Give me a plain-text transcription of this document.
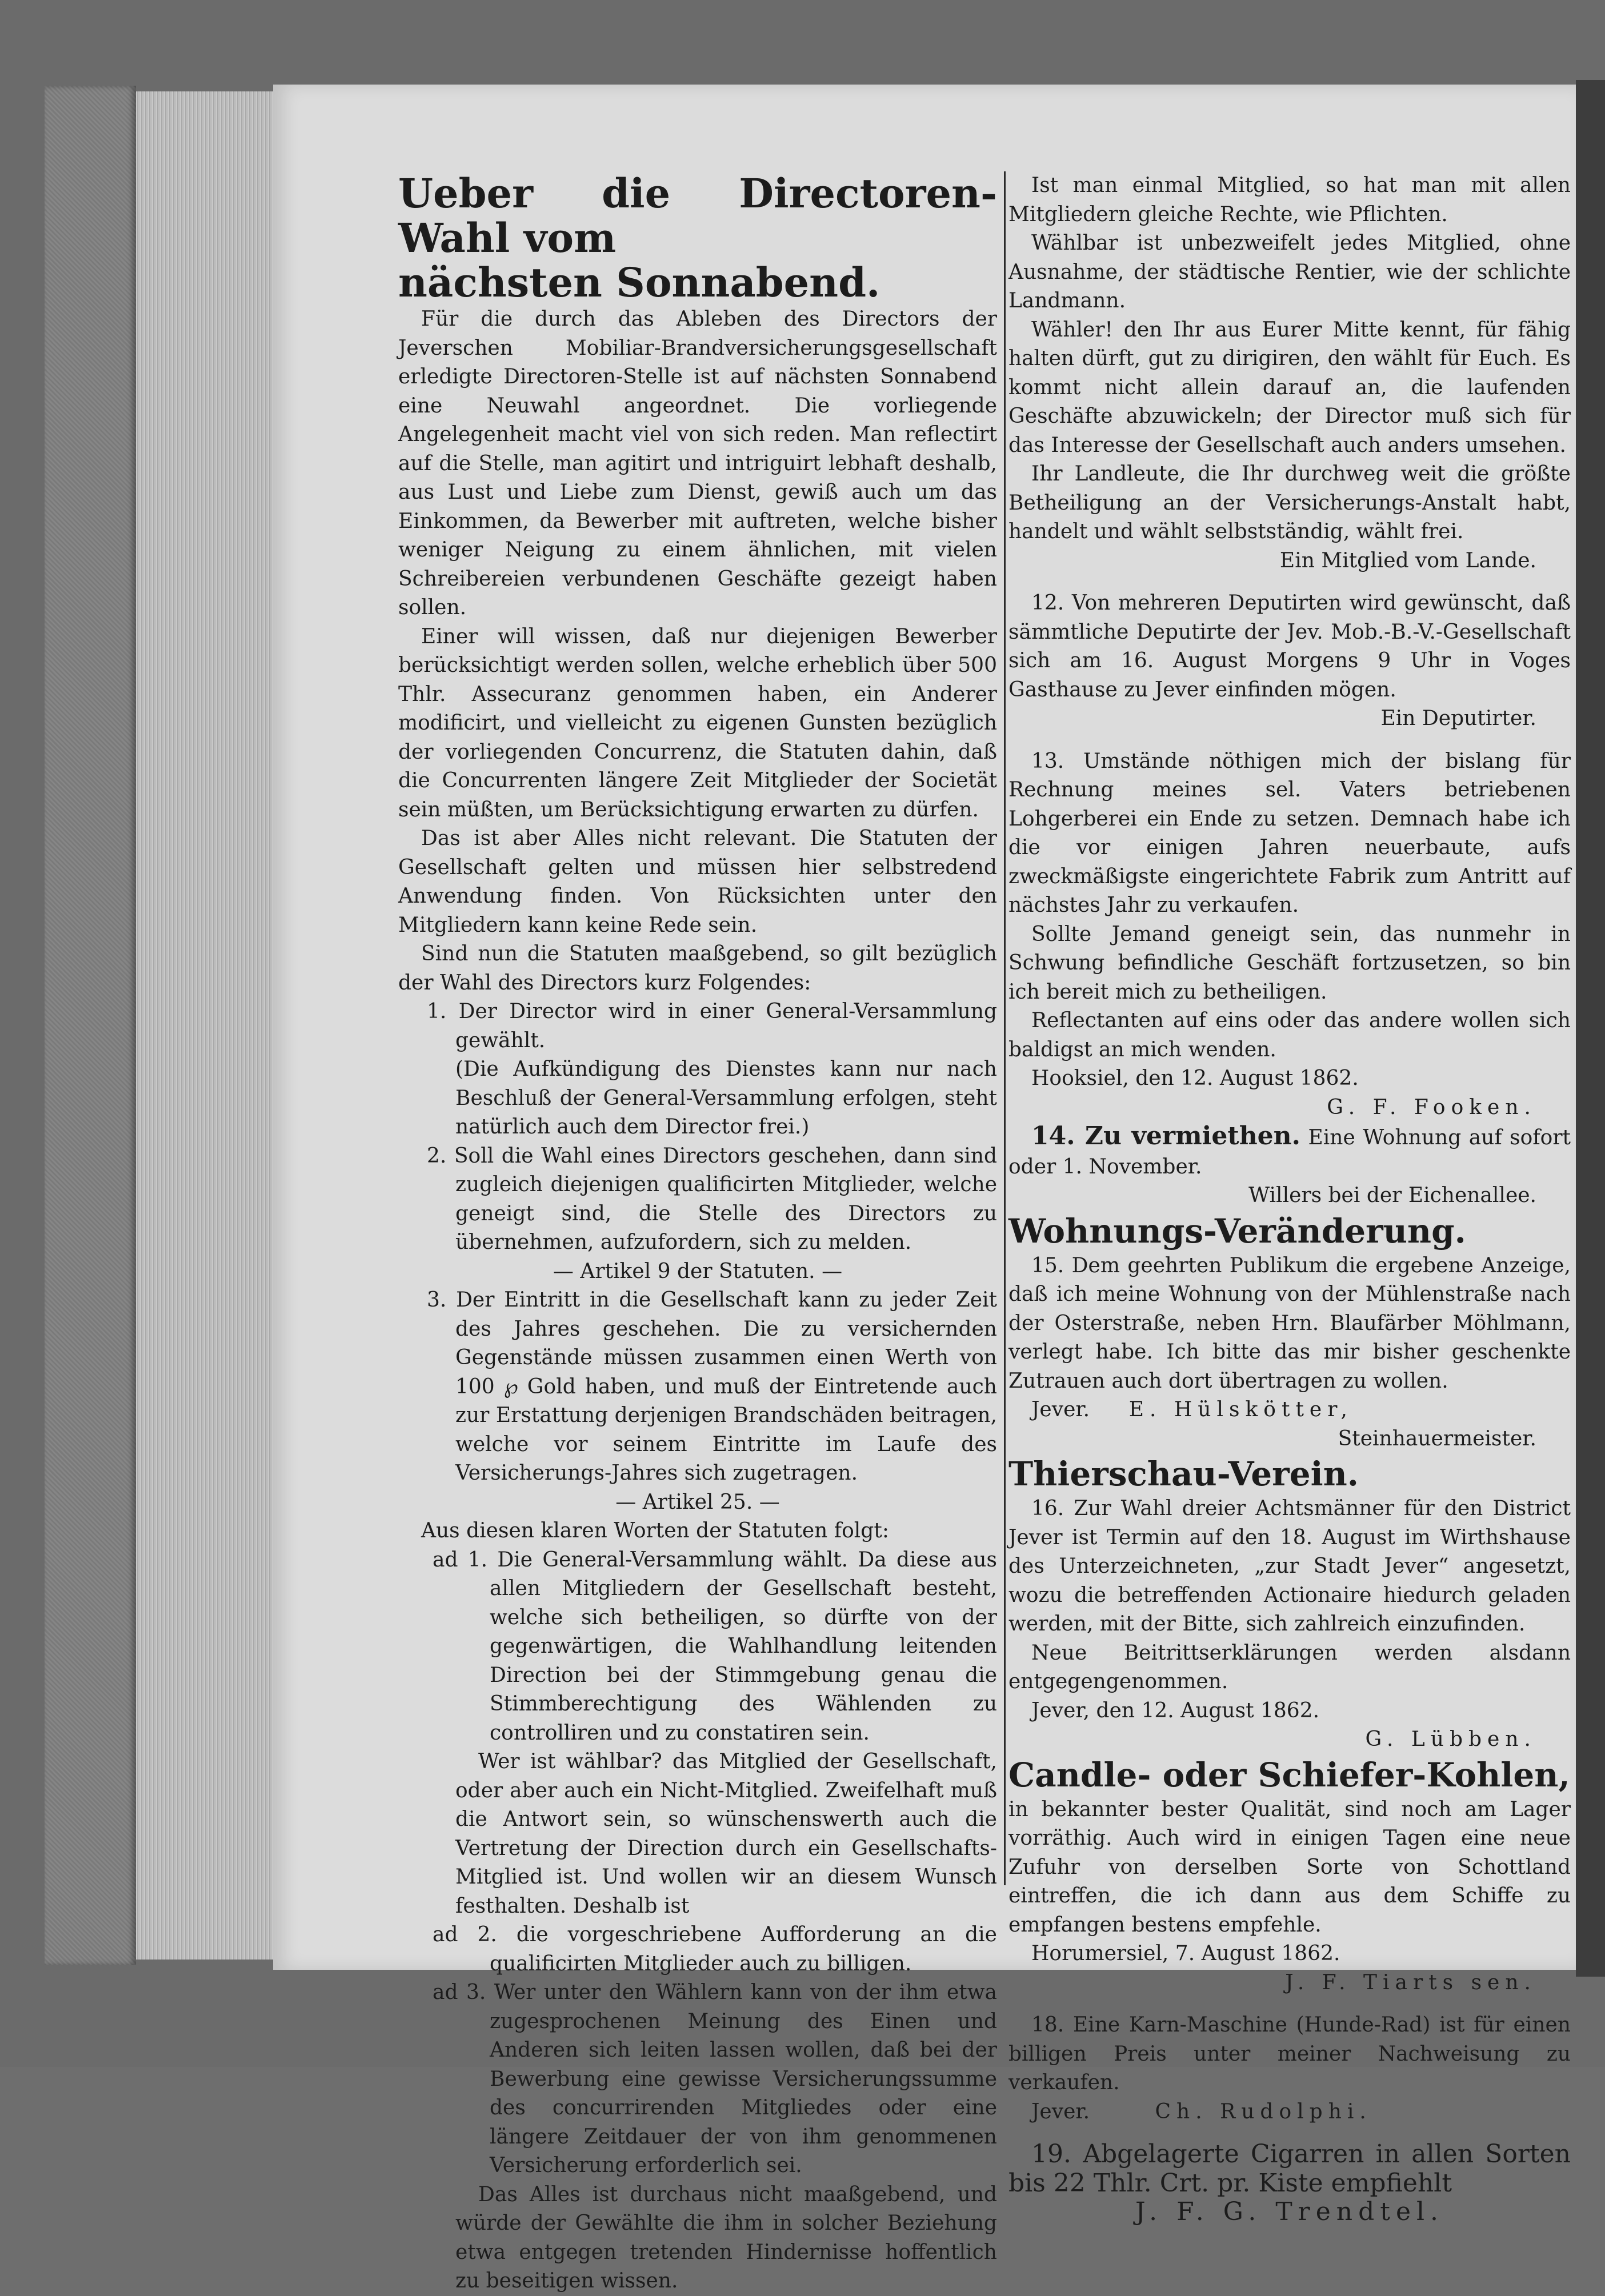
Ueber die Directoren-Wahl vom
nächsten Sonnabend.

Für die durch das Ableben des Directors der Jeverschen Mobiliar-Brandversicherungsgesellschaft erledigte Directoren-Stelle ist auf nächsten Sonnabend eine Neuwahl angeordnet. Die vorliegende Angelegenheit macht viel von sich reden. Man reflectirt auf die Stelle, man agitirt und intriguirt lebhaft deshalb, aus Lust und Liebe zum Dienst, gewiß auch um das Einkommen, da Bewerber mit auftreten, welche bisher weniger Neigung zu einem ähnlichen, mit vielen Schreibereien verbundenen Geschäfte gezeigt haben sollen.

Einer will wissen, daß nur diejenigen Bewerber berücksichtigt werden sollen, welche erheblich über 500 Thlr. Assecuranz genommen haben, ein Anderer modificirt, und vielleicht zu eigenen Gunsten bezüglich der vorliegenden Concurrenz, die Statuten dahin, daß die Concurrenten längere Zeit Mitglieder der Societät sein müßten, um Berücksichtigung erwarten zu dürfen.

Das ist aber Alles nicht relevant. Die Statuten der Gesellschaft gelten und müssen hier selbstredend Anwendung finden. Von Rücksichten unter den Mitgliedern kann keine Rede sein.

Sind nun die Statuten maaßgebend, so gilt bezüglich der Wahl des Directors kurz Folgendes:

1. Der Director wird in einer General-Versammlung gewählt.

(Die Aufkündigung des Dienstes kann nur nach Beschluß der General-Versammlung erfolgen, steht natürlich auch dem Director frei.)

2. Soll die Wahl eines Directors geschehen, dann sind zugleich diejenigen qualificirten Mitglieder, welche geneigt sind, die Stelle des Directors zu übernehmen, aufzufordern, sich zu melden.

— Artikel 9 der Statuten. —

3. Der Eintritt in die Gesellschaft kann zu jeder Zeit des Jahres geschehen. Die zu versichernden Gegenstände müssen zusammen einen Werth von 100 ℘ Gold haben, und muß der Eintretende auch zur Erstattung derjenigen Brandschäden beitragen, welche vor seinem Eintritte im Laufe des Versicherungs-Jahres sich zugetragen.

— Artikel 25. —

Aus diesen klaren Worten der Statuten folgt:

ad 1. Die General-Versammlung wählt. Da diese aus allen Mitgliedern der Gesellschaft besteht, welche sich betheiligen, so dürfte von der gegenwärtigen, die Wahlhandlung leitenden Direction bei der Stimmgebung genau die Stimmberechtigung des Wählenden zu controlliren und zu constatiren sein.

Wer ist wählbar? das Mitglied der Gesellschaft, oder aber auch ein Nicht-Mitglied. Zweifelhaft muß die Antwort sein, so wünschenswerth auch die Vertretung der Direction durch ein Gesellschafts-Mitglied ist. Und wollen wir an diesem Wunsch festhalten. Deshalb ist

ad 2. die vorgeschriebene Aufforderung an die qualificirten Mitglieder auch zu billigen.

ad 3. Wer unter den Wählern kann von der ihm etwa zugesprochenen Meinung des Einen und Anderen sich leiten lassen wollen, daß bei der Bewerbung eine gewisse Versicherungssumme des concurrirenden Mitgliedes oder eine längere Zeitdauer der von ihm genommenen Versicherung erforderlich sei.

Das Alles ist durchaus nicht maaßgebend, und würde der Gewählte die ihm in solcher Beziehung etwa entgegen tretenden Hindernisse hoffentlich zu beseitigen wissen.

Ist man einmal Mitglied, so hat man mit allen Mitgliedern gleiche Rechte, wie Pflichten.

Wählbar ist unbezweifelt jedes Mitglied, ohne Ausnahme, der städtische Rentier, wie der schlichte Landmann.

Wähler! den Ihr aus Eurer Mitte kennt, für fähig halten dürft, gut zu dirigiren, den wählt für Euch. Es kommt nicht allein darauf an, die laufenden Geschäfte abzuwickeln; der Director muß sich für das Interesse der Gesellschaft auch anders umsehen.

Ihr Landleute, die Ihr durchweg weit die größte Betheiligung an der Versicherungs-Anstalt habt, handelt und wählt selbstständig, wählt frei.

Ein Mitglied vom Lande.

12. Von mehreren Deputirten wird gewünscht, daß sämmtliche Deputirte der Jev. Mob.-B.-V.-Gesellschaft sich am 16. August Morgens 9 Uhr in Voges Gasthause zu Jever einfinden mögen.

Ein Deputirter.

13. Umstände nöthigen mich der bislang für Rechnung meines sel. Vaters betriebenen Lohgerberei ein Ende zu setzen. Demnach habe ich die vor einigen Jahren neuerbaute, aufs zweckmäßigste eingerichtete Fabrik zum Antritt auf nächstes Jahr zu verkaufen.

Sollte Jemand geneigt sein, das nunmehr in Schwung befindliche Geschäft fortzusetzen, so bin ich bereit mich zu betheiligen.

Reflectanten auf eins oder das andere wollen sich baldigst an mich wenden.

Hooksiel, den 12. August 1862.

G. F. Fooken.

14. Zu vermiethen. Eine Wohnung auf sofort oder 1. November.

Willers bei der Eichenallee.

Wohnungs-Veränderung.

15. Dem geehrten Publikum die ergebene Anzeige, daß ich meine Wohnung von der Mühlenstraße nach der Osterstraße, neben Hrn. Blaufärber Möhlmann, verlegt habe. Ich bitte das mir bisher geschenkte Zutrauen auch dort übertragen zu wollen.

Jever. E. Hülskötter,

Steinhauermeister.

Thierschau-Verein.

16. Zur Wahl dreier Achtsmänner für den District Jever ist Termin auf den 18. August im Wirthshause des Unterzeichneten, „zur Stadt Jever“ angesetzt, wozu die betreffenden Actionaire hiedurch geladen werden, mit der Bitte, sich zahlreich einzufinden.

Neue Beitrittserklärungen werden alsdann entgegengenommen.

Jever, den 12. August 1862.

G. Lübben.

Candle- oder Schiefer-Kohlen,

in bekannter bester Qualität, sind noch am Lager vorräthig. Auch wird in einigen Tagen eine neue Zufuhr von derselben Sorte von Schottland eintreffen, die ich dann aus dem Schiffe zu empfangen bestens empfehle.

Horumersiel, 7. August 1862.

J. F. Tiarts sen.

18. Eine Karn-Maschine (Hunde-Rad) ist für einen billigen Preis unter meiner Nachweisung zu verkaufen.

Jever.	Ch. Rudolphi.

19. Abgelagerte Cigarren in allen Sorten bis 22 Thlr. Crt. pr. Kiste empfiehlt

J. F. G. Trendtel.
